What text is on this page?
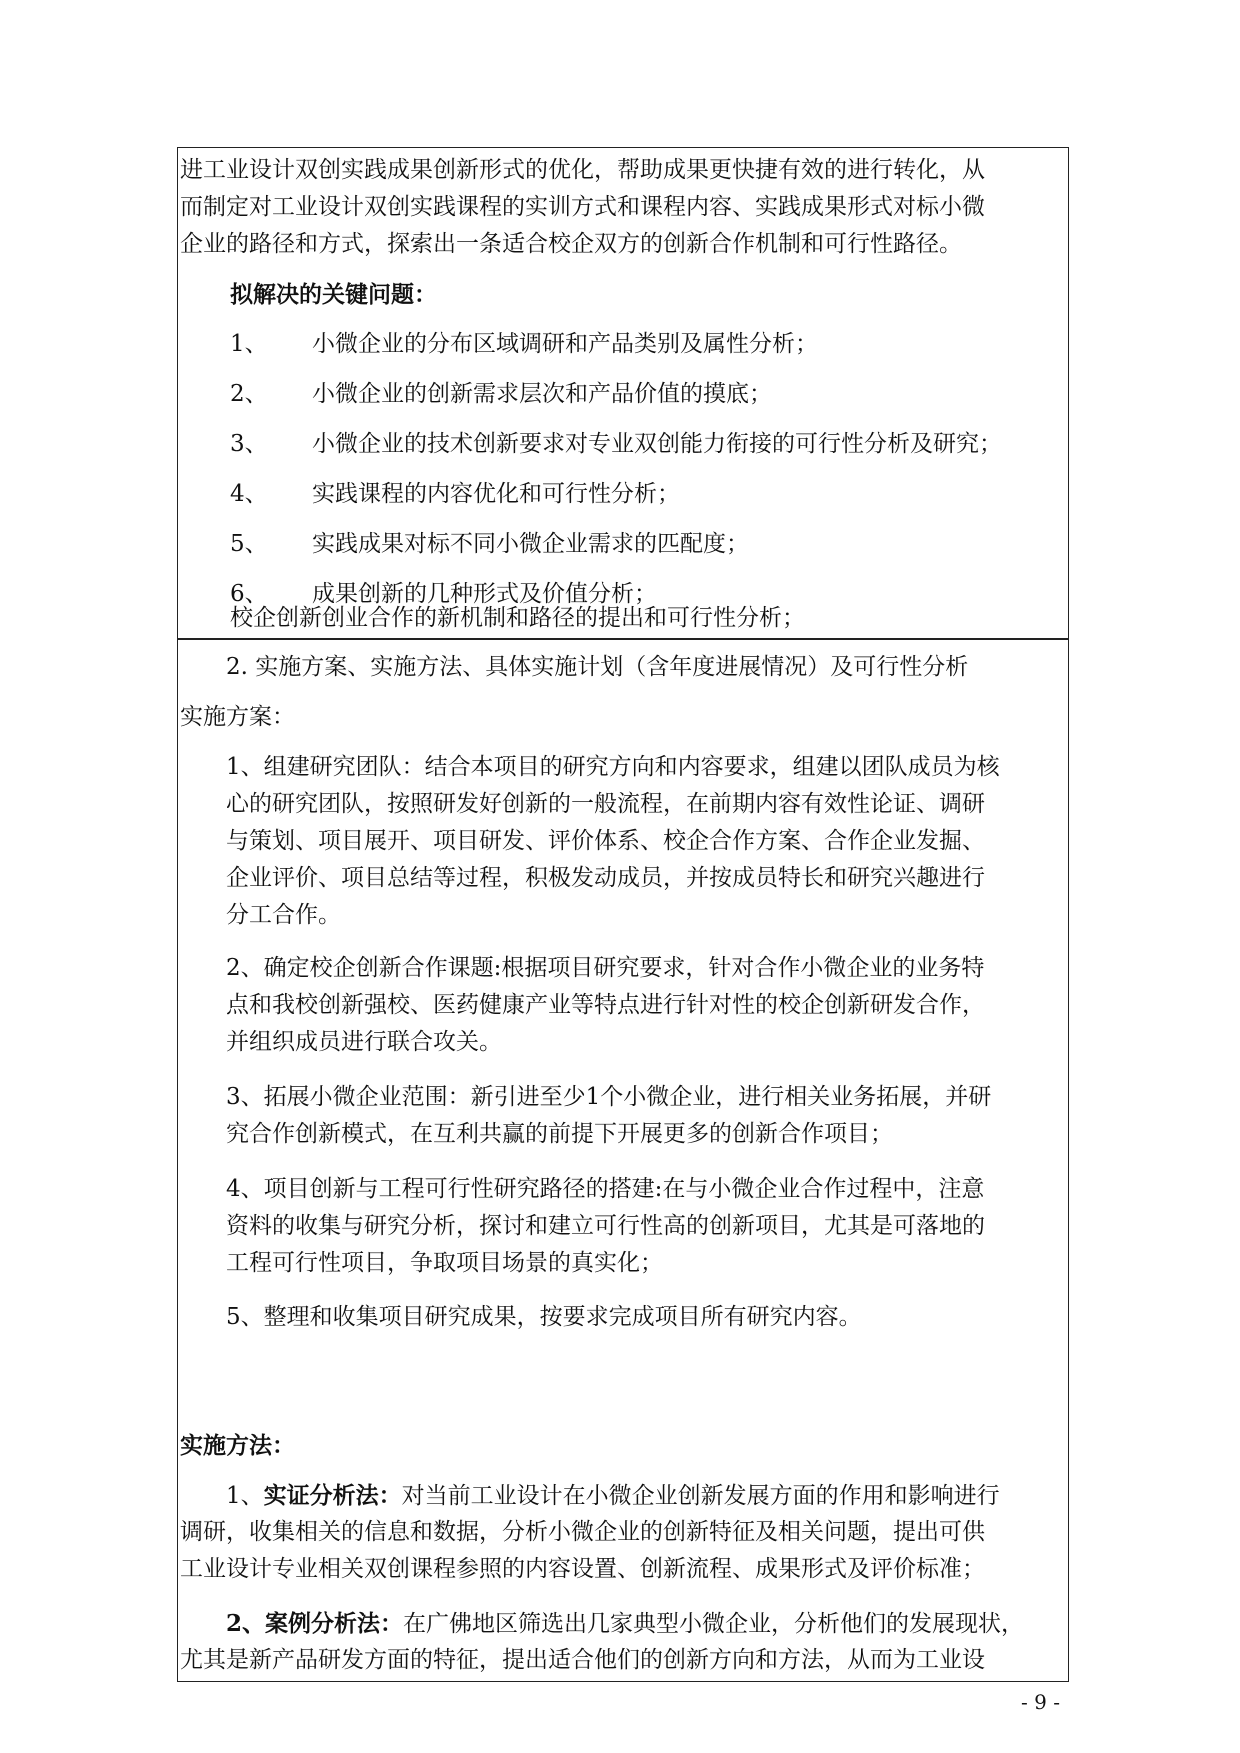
进工业设计双创实践成果创新形式的优化，帮助成果更快捷有效的进行转化，从

而制定对工业设计双创实践课程的实训方式和课程内容、实践成果形式对标小微

企业的路径和方式，探索出一条适合校企双方的创新合作机制和可行性路径。

拟解决的关键问题：

1、 小微企业的分布区域调研和产品类别及属性分析；

2、 小微企业的创新需求层次和产品价值的摸底；

3、 小微企业的技术创新要求对专业双创能力衔接的可行性分析及研究；

4、 实践课程的内容优化和可行性分析；

5、 实践成果对标不同小微企业需求的匹配度；

6、 成果创新的几种形式及价值分析；

校企创新创业合作的新机制和路径的提出和可行性分析；

2. 实施方案、实施方法、具体实施计划（含年度进展情况）及可行性分析

实施方案：

1、组建研究团队：结合本项目的研究方向和内容要求，组建以团队成员为核

心的研究团队，按照研发好创新的一般流程，在前期内容有效性论证、调研

与策划、项目展开、项目研发、评价体系、校企合作方案、合作企业发掘、

企业评价、项目总结等过程，积极发动成员，并按成员特长和研究兴趣进行

分工合作。

2、确定校企创新合作课题:根据项目研究要求，针对合作小微企业的业务特

点和我校创新强校、医药健康产业等特点进行针对性的校企创新研发合作，

并组织成员进行联合攻关。

3、拓展小微企业范围：新引进至少1个小微企业，进行相关业务拓展，并研

究合作创新模式，在互利共赢的前提下开展更多的创新合作项目；

4、项目创新与工程可行性研究路径的搭建:在与小微企业合作过程中，注意

资料的收集与研究分析，探讨和建立可行性高的创新项目，尤其是可落地的

工程可行性项目，争取项目场景的真实化；

5、整理和收集项目研究成果，按要求完成项目所有研究内容。

实施方法：

1、实证分析法：对当前工业设计在小微企业创新发展方面的作用和影响进行

调研，收集相关的信息和数据，分析小微企业的创新特征及相关问题，提出可供

工业设计专业相关双创课程参照的内容设置、创新流程、成果形式及评价标准；

2、案例分析法：在广佛地区筛选出几家典型小微企业，分析他们的发展现状，

尤其是新产品研发方面的特征，提出适合他们的创新方向和方法，从而为工业设

- 9 -
